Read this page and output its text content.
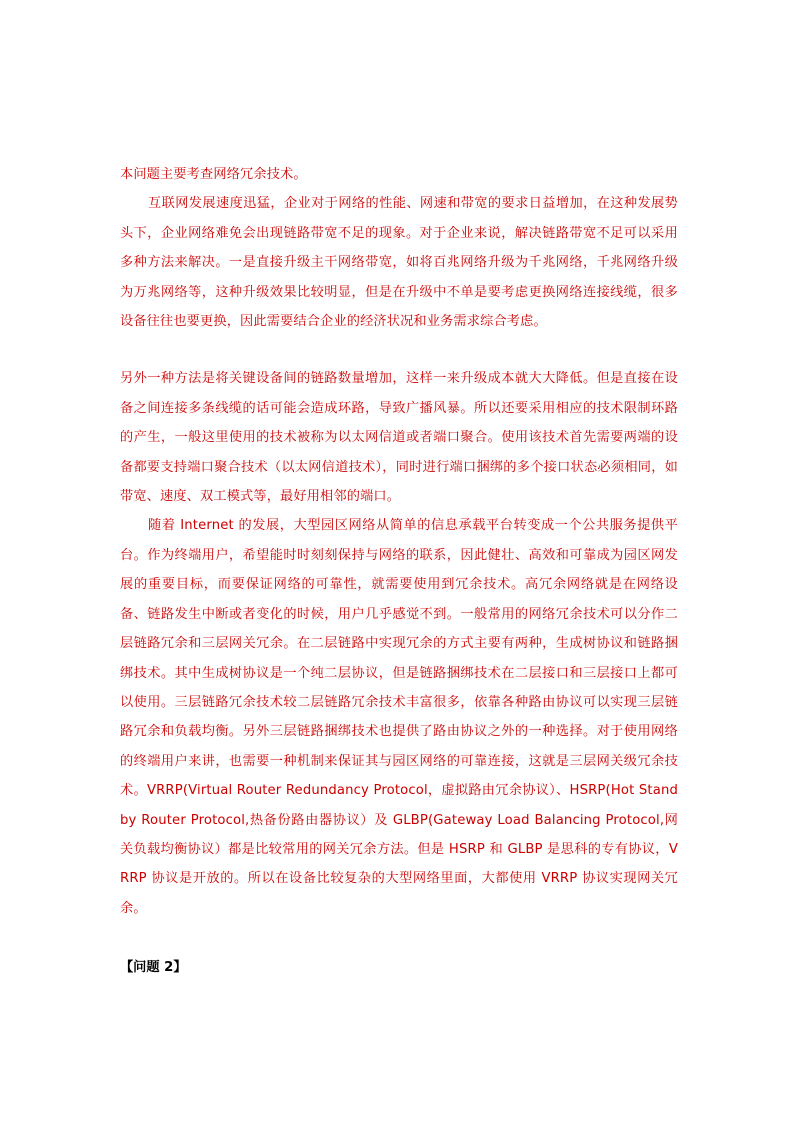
本问题主要考查网络冗余技术。

互联网发展速度迅猛，企业对于网络的性能、网速和带宽的要求日益增加，在这种发展势头下，企业网络难免会出现链路带宽不足的现象。对于企业来说，解决链路带宽不足可以采用多种方法来解决。一是直接升级主干网络带宽，如将百兆网络升级为千兆网络，千兆网络升级为万兆网络等，这种升级效果比较明显，但是在升级中不单是要考虑更换网络连接线缆，很多设备往往也要更换，因此需要结合企业的经济状况和业务需求综合考虑。

另外一种方法是将关键设备间的链路数量增加，这样一来升级成本就大大降低。但是直接在设备之间连接多条线缆的话可能会造成环路，导致广播风暴。所以还要采用相应的技术限制环路的产生，一般这里使用的技术被称为以太网信道或者端口聚合。使用该技术首先需要两端的设备都要支持端口聚合技术（以太网信道技术），同时进行端口捆绑的多个接口状态必须相同，如带宽、速度、双工模式等，最好用相邻的端口。

随着 Internet 的发展，大型园区网络从简单的信息承载平台转变成一个公共服务提供平台。作为终端用户，希望能时时刻刻保持与网络的联系，因此健壮、高效和可靠成为园区网发展的重要目标，而要保证网络的可靠性，就需要使用到冗余技术。高冗余网络就是在网络设备、链路发生中断或者变化的时候，用户几乎感觉不到。一般常用的网络冗余技术可以分作二层链路冗余和三层网关冗余。在二层链路中实现冗余的方式主要有两种，生成树协议和链路捆绑技术。其中生成树协议是一个纯二层协议，但是链路捆绑技术在二层接口和三层接口上都可以使用。三层链路冗余技术较二层链路冗余技术丰富很多，依靠各种路由协议可以实现三层链路冗余和负载均衡。另外三层链路捆绑技术也提供了路由协议之外的一种选择。对于使用网络的终端用户来讲，也需要一种机制来保证其与园区网络的可靠连接，这就是三层网关级冗余技术。VRRP(Virtual Router Redundancy Protocol，虚拟路由冗余协议）、HSRP(Hot Stand by Router Protocol,热备份路由器协议）及 GLBP(Gateway Load Balancing Protocol,网关负载均衡协议）都是比较常用的网关冗余方法。但是 HSRP 和 GLBP 是思科的专有协议，VRRP 协议是开放的。所以在设备比较复杂的大型网络里面，大都使用 VRRP 协议实现网关冗余。

【问题 2】
